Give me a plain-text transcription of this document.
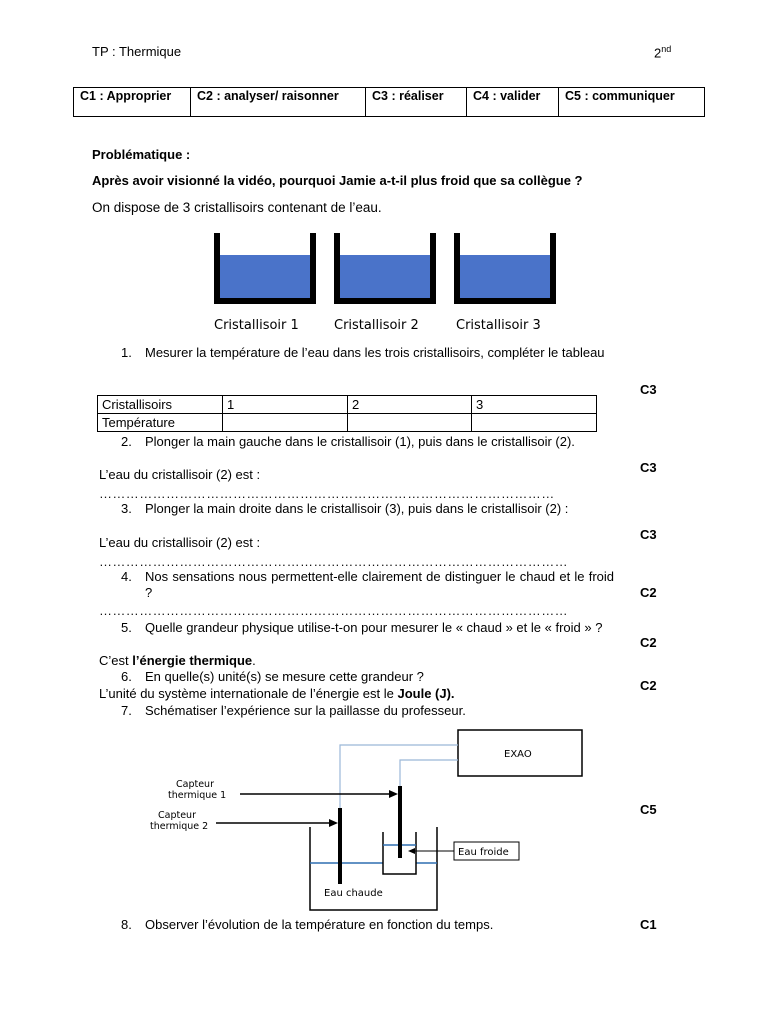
TP : Thermique	2nd
C1 : Approprier	C2 : analyser/ raisonner	C3 : réaliser	C4 : valider	C5 : communiquer
Problématique :
Après avoir visionné la vidéo, pourquoi Jamie a-t-il plus froid que sa collègue ?
On dispose de 3 cristallisoirs contenant de l’eau.
Cristallisoir 1	Cristallisoir 2	Cristallisoir 3
1. Mesurer la température de l’eau dans les trois cristallisoirs, compléter le tableau
C3
Cristallisoirs	1	2	3
Température			
2. Plonger la main gauche dans le cristallisoir (1), puis dans le cristallisoir (2).
L’eau du cristallisoir (2) est :	C3
…………………………………………………………………………………………
3. Plonger la main droite dans le cristallisoir (3), puis dans le cristallisoir (2) :
L’eau du cristallisoir (2) est :
C3
……………………………………………………………………………………………
4. Nos sensations nous permettent-elle clairement de distinguer le chaud et le froid ?	C2
……………………………………………………………………………………………
5. Quelle grandeur physique utilise-t-on pour mesurer le « chaud » et le « froid » ?
C2
C’est l’énergie thermique.
6. En quelle(s) unité(s) se mesure cette grandeur ?
C2
L’unité du système internationale de l’énergie est le Joule (J).
7. Schématiser l’expérience sur la paillasse du professeur.
C5
EXAO
Capteur thermique 1
Capteur thermique 2
Eau froide
Eau chaude
8. Observer l’évolution de la température en fonction du temps.	C1
